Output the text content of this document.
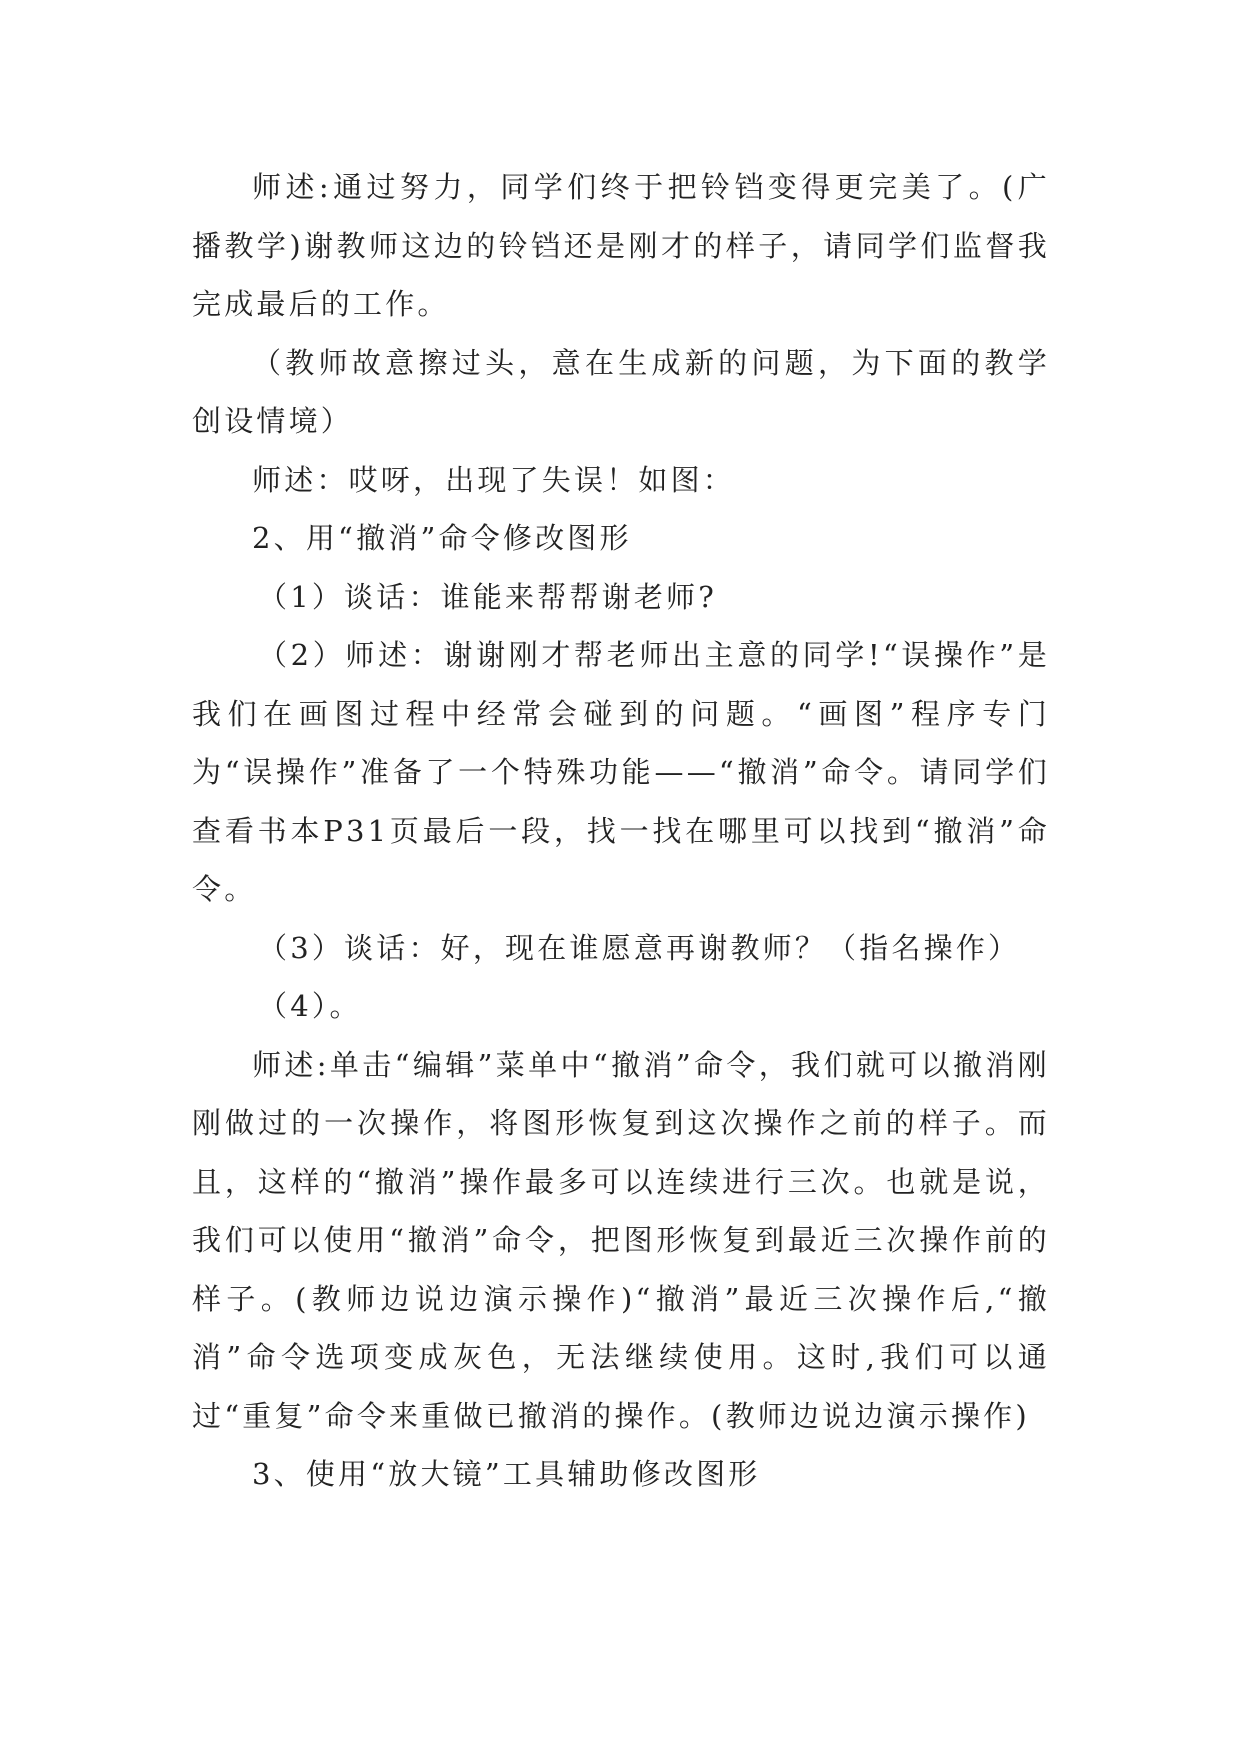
师述:通过努力，同学们终于把铃铛变得更完美了。(广播教学)谢教师这边的铃铛还是刚才的样子，请同学们监督我完成最后的工作。

（教师故意擦过头，意在生成新的问题，为下面的教学创设情境）

师述：哎呀，出现了失误！如图：

2、用“撤消”命令修改图形

（1）谈话：谁能来帮帮谢老师?

（2）师述：谢谢刚才帮老师出主意的同学!“误操作”是我们在画图过程中经常会碰到的问题。“画图”程序专门为“误操作”准备了一个特殊功能——“撤消”命令。请同学们查看书本P31页最后一段，找一找在哪里可以找到“撤消”命令。

（3）谈话：好，现在谁愿意再谢教师？（指名操作）

（4）。

师述:单击“编辑”菜单中“撤消”命令，我们就可以撤消刚刚做过的一次操作，将图形恢复到这次操作之前的样子。而且，这样的“撤消”操作最多可以连续进行三次。也就是说，我们可以使用“撤消”命令，把图形恢复到最近三次操作前的样子。(教师边说边演示操作)“撤消”最近三次操作后,“撤消”命令选项变成灰色，无法继续使用。这时,我们可以通过“重复”命令来重做已撤消的操作。(教师边说边演示操作)

3、使用“放大镜”工具辅助修改图形
